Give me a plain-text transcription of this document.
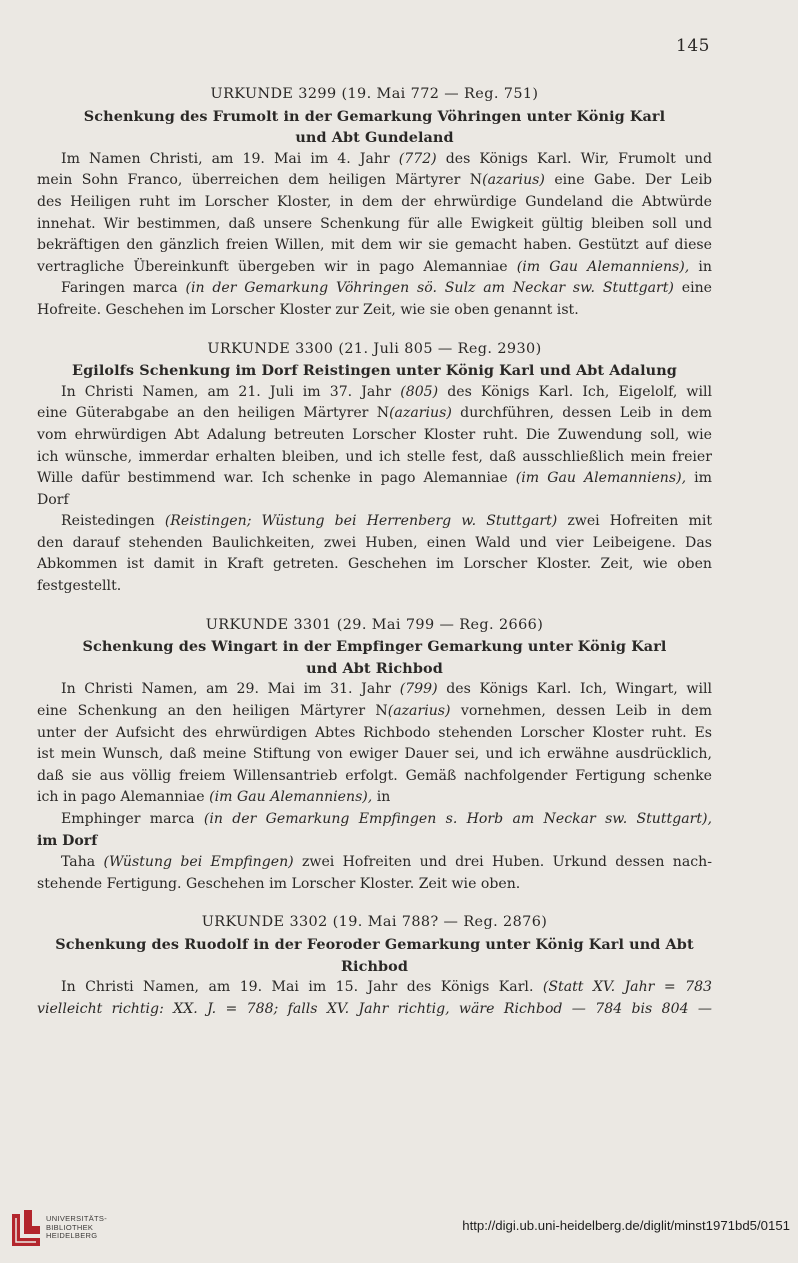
145
URKUNDE 3299 (19. Mai 772 — Reg. 751)
Schenkung des Frumolt in der Gemarkung Vöhringen unter König Karl
und Abt Gundeland

Im Namen Christi, am 19. Mai im 4. Jahr (772) des Königs Karl. Wir, Frumolt und
mein Sohn Franco, überreichen dem heiligen Märtyrer N(azarius) eine Gabe. Der Leib
des Heiligen ruht im Lorscher Kloster, in dem der ehrwürdige Gundeland die Abtwürde
innehat. Wir bestimmen, daß unsere Schenkung für alle Ewigkeit gültig bleiben soll und
bekräftigen den gänzlich freien Willen, mit dem wir sie gemacht haben. Gestützt auf diese
vertragliche Übereinkunft übergeben wir in pago Alemanniae (im Gau Alemanniens), in

Faringen marca (in der Gemarkung Vöhringen sö. Sulz am Neckar sw. Stuttgart) eine
Hofreite. Geschehen im Lorscher Kloster zur Zeit, wie sie oben genannt ist.

URKUNDE 3300 (21. Juli 805 — Reg. 2930)
Egilolfs Schenkung im Dorf Reistingen unter König Karl und Abt Adalung

In Christi Namen, am 21. Juli im 37. Jahr (805) des Königs Karl. Ich, Eigelolf, will
eine Güterabgabe an den heiligen Märtyrer N(azarius) durchführen, dessen Leib in dem
vom ehrwürdigen Abt Adalung betreuten Lorscher Kloster ruht. Die Zuwendung soll, wie
ich wünsche, immerdar erhalten bleiben, und ich stelle fest, daß ausschließlich mein freier
Wille dafür bestimmend war. Ich schenke in pago Alemanniae (im Gau Alemanniens), im
Dorf

Reistedingen (Reistingen; Wüstung bei Herrenberg w. Stuttgart) zwei Hofreiten mit
den darauf stehenden Baulichkeiten, zwei Huben, einen Wald und vier Leibeigene. Das
Abkommen ist damit in Kraft getreten. Geschehen im Lorscher Kloster. Zeit, wie oben
festgestellt.

URKUNDE 3301 (29. Mai 799 — Reg. 2666)
Schenkung des Wingart in der Empfinger Gemarkung unter König Karl
und Abt Richbod

In Christi Namen, am 29. Mai im 31. Jahr (799) des Königs Karl. Ich, Wingart, will
eine Schenkung an den heiligen Märtyrer N(azarius) vornehmen, dessen Leib in dem
unter der Aufsicht des ehrwürdigen Abtes Richbodo stehenden Lorscher Kloster ruht. Es
ist mein Wunsch, daß meine Stiftung von ewiger Dauer sei, und ich erwähne ausdrücklich,
daß sie aus völlig freiem Willensantrieb erfolgt. Gemäß nachfolgender Fertigung schenke
ich in pago Alemanniae (im Gau Alemanniens), in

Emphinger marca (in der Gemarkung Empfingen s. Horb am Neckar sw. Stuttgart),
im Dorf

Taha (Wüstung bei Empfingen) zwei Hofreiten und drei Huben. Urkund dessen nach-
stehende Fertigung. Geschehen im Lorscher Kloster. Zeit wie oben.

URKUNDE 3302 (19. Mai 788? — Reg. 2876)
Schenkung des Ruodolf in der Feoroder Gemarkung unter König Karl und Abt Richbod

In Christi Namen, am 19. Mai im 15. Jahr des Königs Karl. (Statt XV. Jahr = 783
vielleicht richtig: XX. J. = 788; falls XV. Jahr richtig, wäre Richbod — 784 bis 804 —

UNIVERSITÄTS-
BIBLIOTHEK
HEIDELBERG
http://digi.ub.uni-heidelberg.de/diglit/minst1971bd5/0151
